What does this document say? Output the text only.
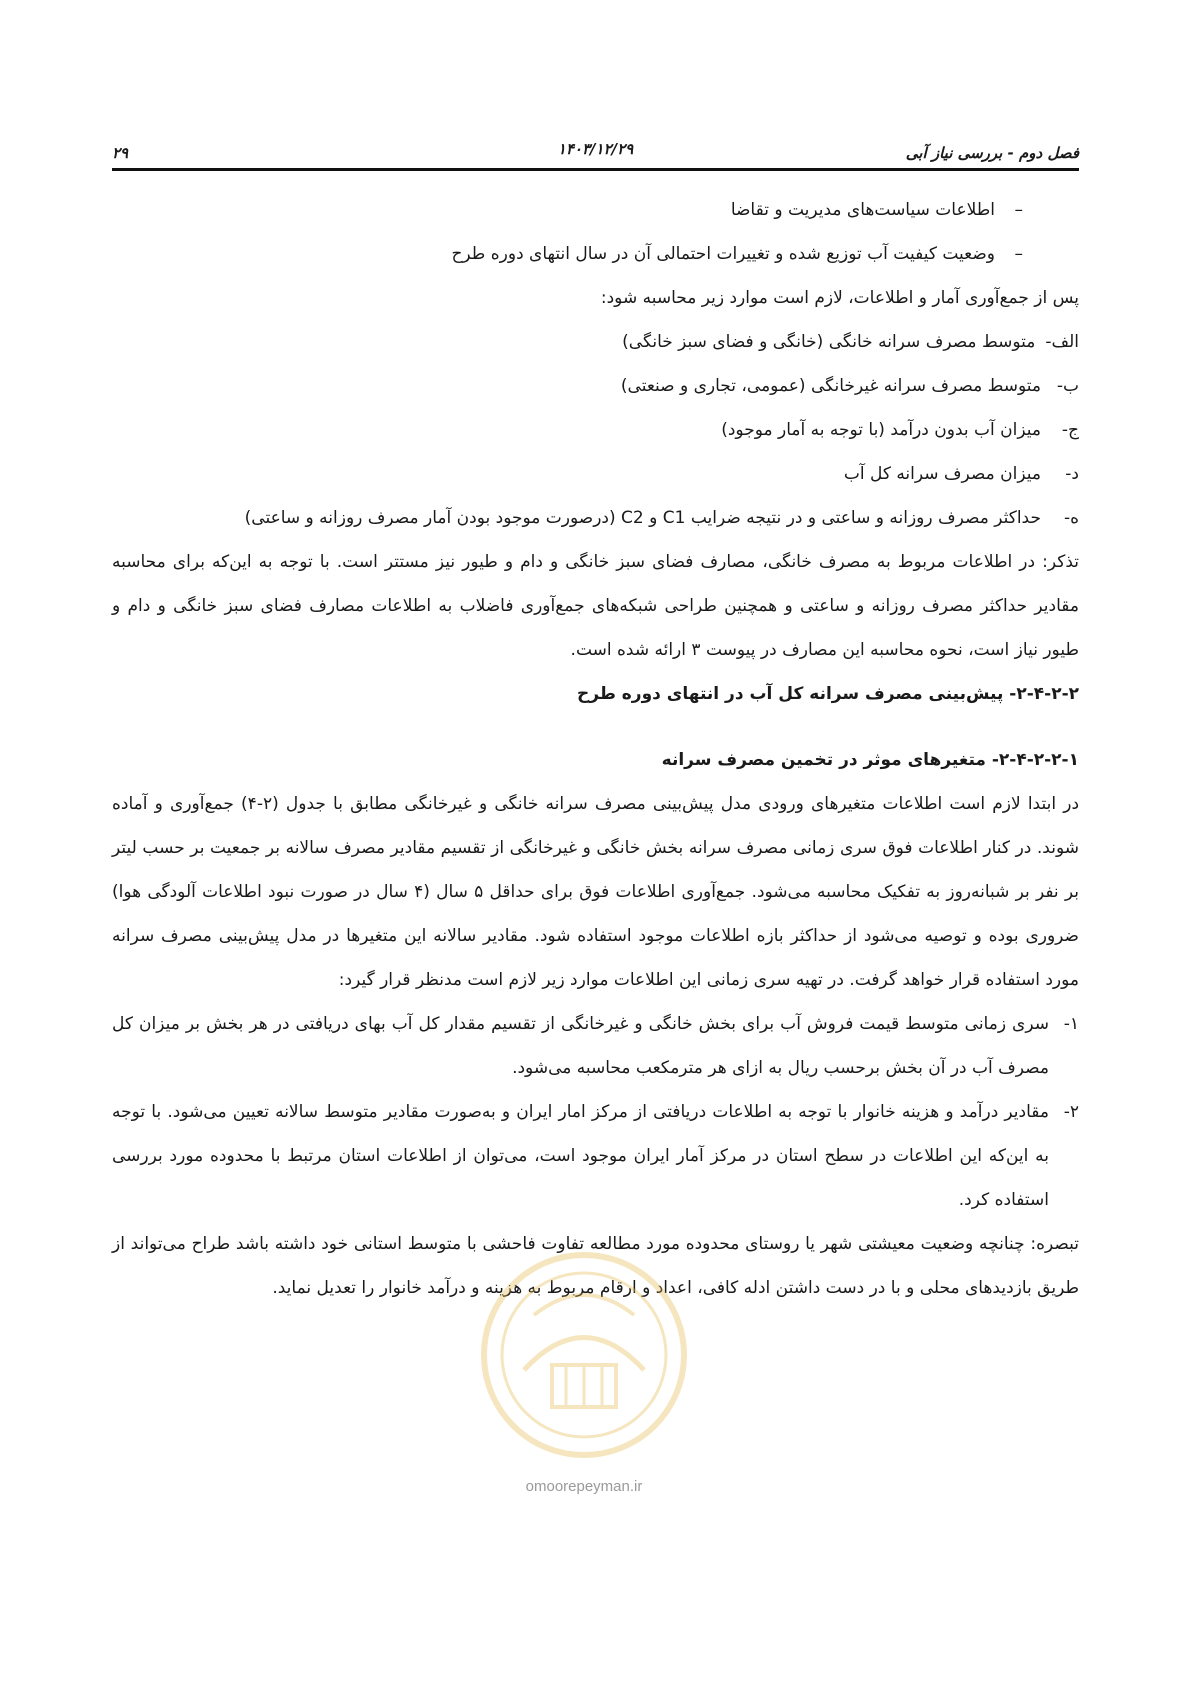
فصل دوم - بررسی نیاز آبی
۱۴۰۳/۱۲/۲۹
۲۹

–اطلاعات سیاست‌های مدیریت و تقاضا

–وضعیت کیفیت آب توزیع شده و تغییرات احتمالی آن در سال انتهای دوره طرح

پس از جمع‌آوری آمار و اطلاعات، لازم است موارد زیر محاسبه شود:

الف-
متوسط مصرف سرانه خانگی (خانگی و فضای سبز خانگی)
ب-
متوسط مصرف سرانه غیرخانگی (عمومی، تجاری و صنعتی)
ج-
میزان آب بدون درآمد (با توجه به آمار موجود)
د-
میزان مصرف سرانه کل آب
ه-
حداکثر مصرف روزانه و ساعتی و در نتیجه ضرایب C1 و C2 (درصورت موجود بودن آمار مصرف روزانه و ساعتی)

تذکر: در اطلاعات مربوط به مصرف خانگی، مصارف فضای سبز خانگی و دام و طیور نیز مستتر است. با توجه به این‌که برای محاسبه مقادیر حداکثر مصرف روزانه و ساعتی و همچنین طراحی شبکه‌های جمع‌آوری فاضلاب به اطلاعات مصارف فضای سبز خانگی و دام و طیور نیاز است، نحوه محاسبه این مصارف در پیوست ۳ ارائه شده است.

۲-۴-۲-۲- پیش‌بینی مصرف سرانه کل آب در انتهای دوره طرح

۲-۴-۲-۲-۱- متغیرهای موثر در تخمین مصرف سرانه

در ابتدا لازم است اطلاعات متغیرهای ورودی مدل پیش‌بینی مصرف سرانه خانگی و غیرخانگی مطابق با جدول (۲-۴) جمع‌آوری و آماده شوند. در کنار اطلاعات فوق سری زمانی مصرف سرانه بخش خانگی و غیرخانگی از تقسیم مقادیر مصرف سالانه بر جمعیت بر حسب لیتر بر نفر بر شبانه‌روز به تفکیک محاسبه می‌شود. جمع‌آوری اطلاعات فوق برای حداقل ۵ سال (۴ سال در صورت نبود اطلاعات آلودگی هوا) ضروری بوده و توصیه می‌شود از حداکثر بازه اطلاعات موجود استفاده شود. مقادیر سالانه این متغیرها در مدل پیش‌بینی مصرف سرانه مورد استفاده قرار خواهد گرفت. در تهیه سری زمانی این اطلاعات موارد زیر لازم است مدنظر قرار گیرد:

۱-
سری زمانی متوسط قیمت فروش آب برای بخش خانگی و غیرخانگی از تقسیم مقدار کل آب بهای دریافتی در هر بخش بر میزان کل مصرف آب در آن بخش برحسب ریال به ازای هر مترمکعب محاسبه می‌شود.
۲-
مقادیر درآمد و هزینه خانوار با توجه به اطلاعات دریافتی از مرکز امار ایران و به‌صورت مقادیر متوسط سالانه تعیین می‌شود. با توجه به این‌که این اطلاعات در سطح استان در مرکز آمار ایران موجود است، می‌توان از اطلاعات استان مرتبط با محدوده مورد بررسی استفاده کرد.

تبصره: چنانچه وضعیت معیشتی شهر یا روستای محدوده مورد مطالعه تفاوت فاحشی با متوسط استانی خود داشته باشد طراح می‌تواند از طریق بازدیدهای محلی و با در دست داشتن ادله کافی، اعداد و ارقام مربوط به هزینه و درآمد خانوار را تعدیل نماید.

omoorepeyman.ir
